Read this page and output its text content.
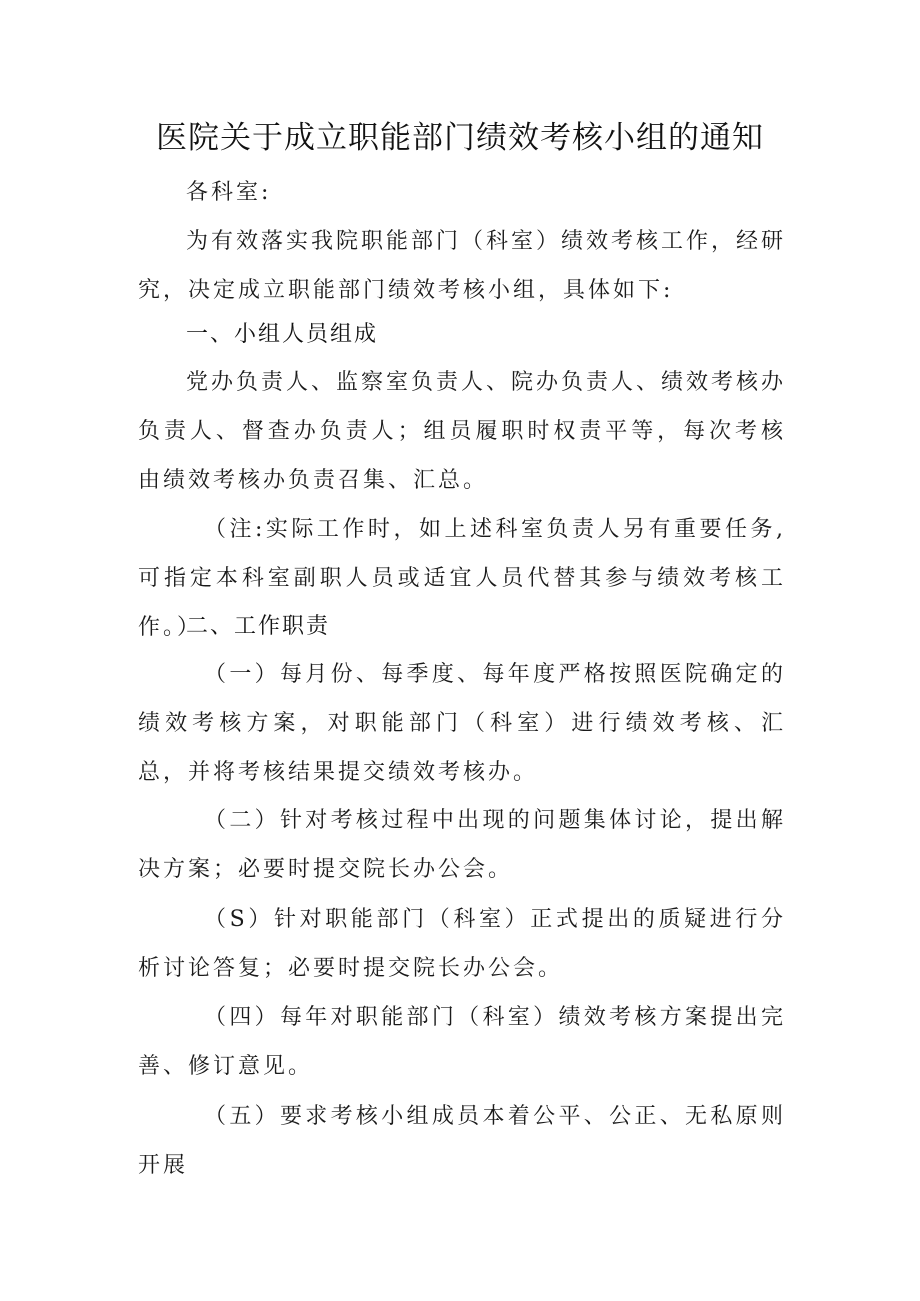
医院关于成立职能部门绩效考核小组的通知

各科室:

为有效落实我院职能部门（科室）绩效考核工作，经研究，决定成立职能部门绩效考核小组，具体如下:

一、小组人员组成

党办负责人、监察室负责人、院办负责人、绩效考核办负责人、督查办负责人；组员履职时权责平等，每次考核由绩效考核办负责召集、汇总。

（注:实际工作时，如上述科室负责人另有重要任务,可指定本科室副职人员或适宜人员代替其参与绩效考核工作。）

二、工作职责

（一）每月份、每季度、每年度严格按照医院确定的绩效考核方案，对职能部门（科室）进行绩效考核、汇总，并将考核结果提交绩效考核办。

（二）针对考核过程中出现的问题集体讨论，提出解决方案；必要时提交院长办公会。

（S）针对职能部门（科室）正式提出的质疑进行分析讨论答复；必要时提交院长办公会。

（四）每年对职能部门（科室）绩效考核方案提出完善、修订意见。

（五）要求考核小组成员本着公平、公正、无私原则开展
